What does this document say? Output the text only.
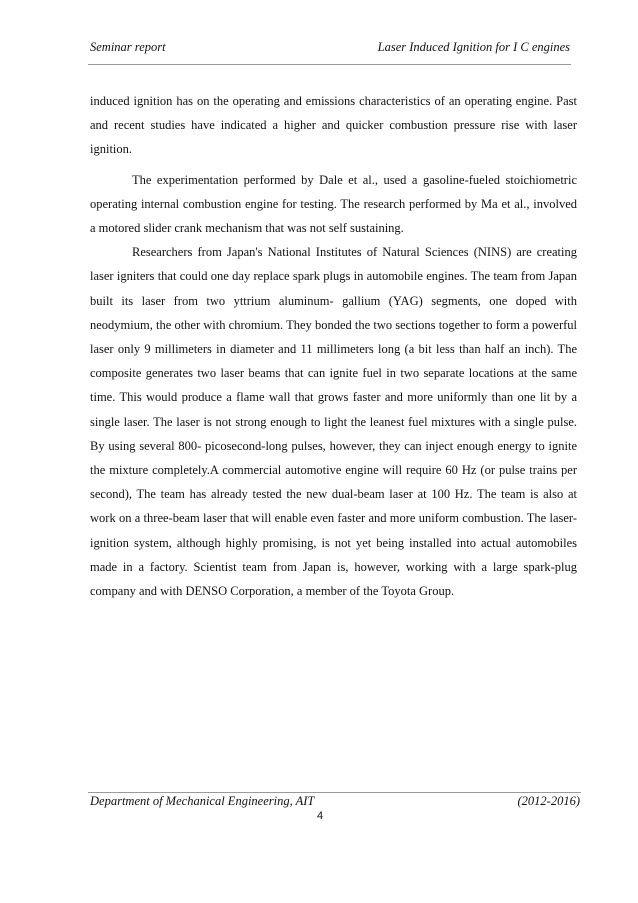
Seminar report	Laser Induced Ignition for I C engines

induced ignition has on the operating and emissions characteristics of an operating engine. Past and recent studies have indicated a higher and quicker combustion pressure rise with laser ignition.

The experimentation performed by Dale et al., used a gasoline-fueled stoichiometric operating internal combustion engine for testing. The research performed by Ma et al., involved a motored slider crank mechanism that was not self sustaining.

Researchers from Japan's National Institutes of Natural Sciences (NINS) are creating laser igniters that could one day replace spark plugs in automobile engines. The team from Japan built its laser from two yttrium aluminum- gallium (YAG) segments, one doped with neodymium, the other with chromium. They bonded the two sections together to form a powerful laser only 9 millimeters in diameter and 11 millimeters long (a bit less than half an inch). The composite generates two laser beams that can ignite fuel in two separate locations at the same time. This would produce a flame wall that grows faster and more uniformly than one lit by a single laser. The laser is not strong enough to light the leanest fuel mixtures with a single pulse. By using several 800- picosecond-long pulses, however, they can inject enough energy to ignite the mixture completely.A commercial automotive engine will require 60 Hz (or pulse trains per second), The team has already tested the new dual-beam laser at 100 Hz. The team is also at work on a three-beam laser that will enable even faster and more uniform combustion. The laser-ignition system, although highly promising, is not yet being installed into actual automobiles made in a factory. Scientist team from Japan is, however, working with a large spark-plug company and with DENSO Corporation, a member of the Toyota Group.

Department of Mechanical Engineering, AIT	(2012-2016)
4
